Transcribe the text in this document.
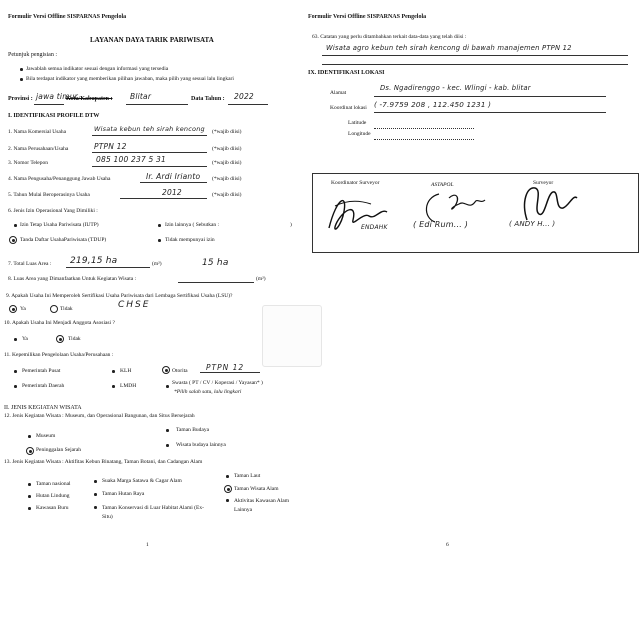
Formulir Versi Offline SISPARNAS Pengelola
LAYANAN DAYA TARIK PARIWISATA
Petunjuk pengisian :
Jawablah semua indikator sesuai dengan informasi yang tersedia
Bila terdapat indikator yang memberikan pilihan jawaban, maka pilih yang sesuai lalu lingkari
Provinsi : jawa timur
Kota/Kabupaten : Blitar	Data Tahun : 2022
I. IDENTIFIKASI PROFILE DTW
1. Nama Komersial Usaha	Wisata kebun teh sirah kencong (*wajib diisi)
2. Nama Perusahaan/Usaha	PTPN 12	(*wajib diisi)
3. Nomor Telepon	085 100 237 5 31	(*wajib diisi)
4. Nama Pengusaha/Penanggung Jawab Usaha	Ir. Ardi Irianto (*wajib diisi)
5. Tahun Mulai Beroperasinya Usaha	2012	(*wajib diisi)
6. Jenis Izin Operasional Yang Dimiliki :
Izin Tetap Usaha Pariwisata (IUTP)	Izin lainnya ( Sebutkan :	)
Tanda Daftar UsahaPariwisata (TDUP)	Tidak mempunyai izin
7. Total Luas Area : 219,15 ha	(m²)
8. Luas Area yang Dimanfaatkan Untuk Kegiatan Wisata :
15 ha
(m²)
9. Apakah Usaha Ini Memperoleh Sertifikasi Usaha Pariwisata dari Lembaga Sertifikasi Usaha (LSU)?
Ya	Tidak	CHSE
10. Apakah Usaha Ini Menjadi Anggota Asosiasi ?
Ya	Tidak
11. Kepemilikan Pengelolaan Usaha/Perusahaan :
Pemerintah Pusat	KLH	Otorita PTPN 12
Pemerintah Daerah	LMDH	Swasta ( PT / CV / Koperasi / Yayasan* )
*Pilih salah satu, lalu lingkari
II. JENIS KEGIATAN WISATA
12. Jenis Kegiatan Wisata : Museum, dan Operasional Bangunan, dan Situs Bersejarah
Taman Budaya
Museum
Wisata budaya lainnya
Peninggalan Sejarah
13. Jenis Kegiatan Wisata : Aktifitas Kebun Binatang, Taman Botani, dan Cadangan Alam
Taman Laut
Taman nasional	Suaka Marga Satawa & Cagar Alam
Taman Wisata Alam
Hutan Lindung	Taman Hutan Raya
Aktivitas Kawasan Alam Lainnya
Kawasan Buru	Taman Konservasi di Luar Habitat Alami (Ex-Situ)
1
Formulir Versi Offline SISPARNAS Pengelola
63. Catatan yang perlu ditambahkan terkait data-data yang telah diisi :
Wisata agro kebun teh sirah kencong di bawah manajemen PTPN 12
IX. IDENTIFIKASI LOKASI
Alamat
Ds. Ngadirenggo - kec. Wlingi - kab. blitar
Koordinat lokasi ( -7.9759 208 , 112.450 1231 )
Latitude
Longitude
Koordinator Surveyor	Surveyor
ASTAPOL
ENDAHK	( Edi Rum... )	( ANDY H... )
6
